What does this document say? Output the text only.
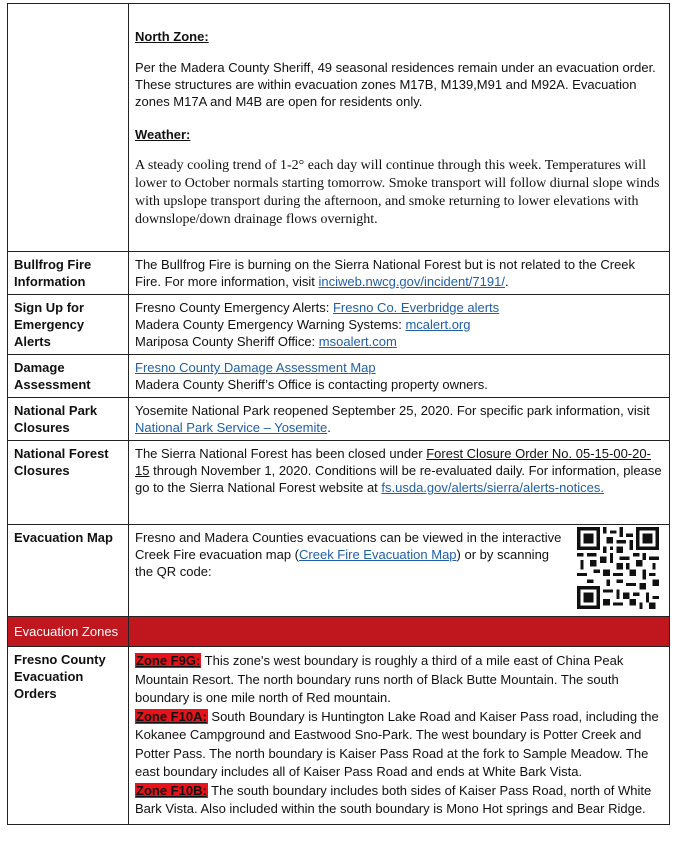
	North Zone:

Per the Madera County Sheriff, 49 seasonal residences remain under an evacuation order. These structures are within evacuation zones M17B, M139,M91 and M92A. Evacuation zones M17A and M4B are open for residents only.

Weather:

A steady cooling trend of 1-2° each day will continue through this week. Temperatures will lower to October normals starting tomorrow. Smoke transport will follow diurnal slope winds with upslope transport during the afternoon, and smoke returning to lower elevations with downslope/down drainage flows overnight.

Bullfrog Fire Information	The Bullfrog Fire is burning on the Sierra National Forest but is not related to the Creek Fire. For more information, visit inciweb.nwcg.gov/incident/7191/.
Sign Up for Emergency Alerts	Fresno County Emergency Alerts: Fresno Co. Everbridge alerts
Madera County Emergency Warning Systems: mcalert.org
Mariposa County Sheriff Office: msoalert.com

Damage Assessment	Fresno County Damage Assessment Map
Madera County Sheriff’s Office is contacting property owners.

National Park Closures	Yosemite National Park reopened September 25, 2020. For specific park information, visit National Park Service – Yosemite.
National Forest Closures	The Sierra National Forest has been closed under Forest Closure Order No. 05-15-00-20-15 through November 1, 2020. Conditions will be re-evaluated daily. For information, please go to the Sierra National Forest website at fs.usda.gov/alerts/sierra/alerts-notices.
Evacuation Map	Fresno and Madera Counties evacuations can be viewed in the interactive Creek Fire evacuation map (Creek Fire Evacuation Map) or by scanning the QR code:
Evacuation Zones	
Fresno County Evacuation Orders	Zone F9G: This zone's west boundary is roughly a third of a mile east of China Peak Mountain Resort. The north boundary runs north of Black Butte Mountain. The south boundary is one mile north of Red mountain.
Zone F10A: South Boundary is Huntington Lake Road and Kaiser Pass road, including the Kokanee Campground and Eastwood Sno-Park. The west boundary is Potter Creek and Potter Pass. The north boundary is Kaiser Pass Road at the fork to Sample Meadow. The east boundary includes all of Kaiser Pass Road and ends at White Bark Vista.
Zone F10B: The south boundary includes both sides of Kaiser Pass Road, north of White Bark Vista. Also included within the south boundary is Mono Hot springs and Bear Ridge.
